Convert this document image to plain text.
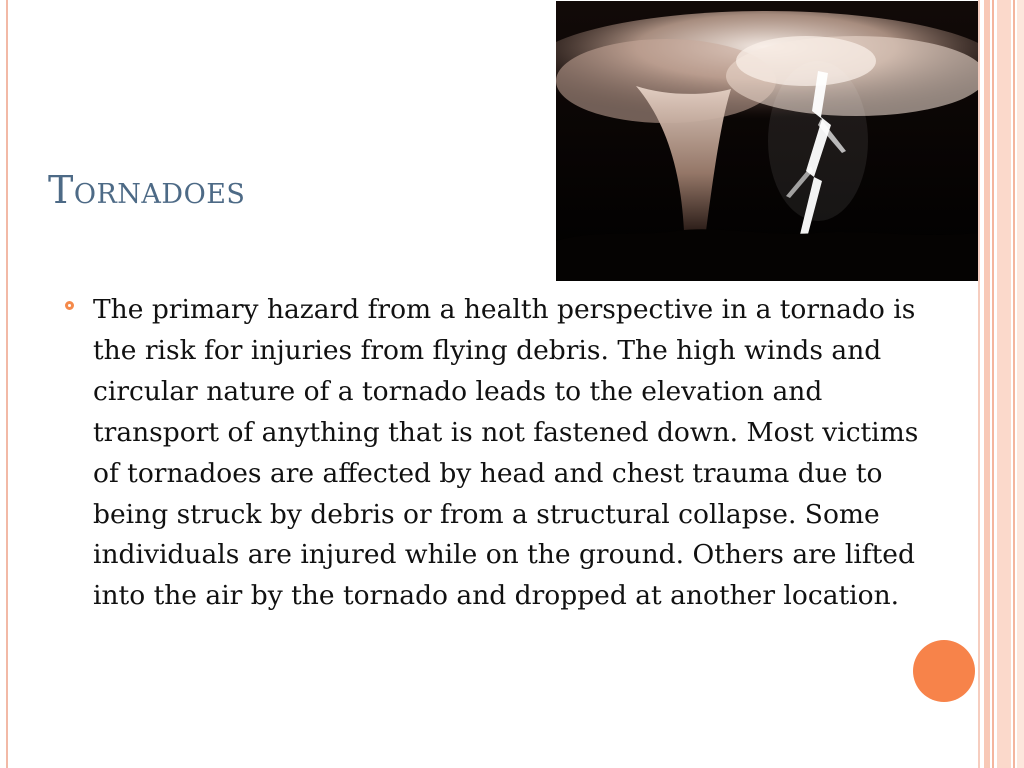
Tornadoes

The primary hazard from a health perspective in a tornado is the risk for injuries from flying debris. The high winds and circular nature of a tornado leads to the elevation and transport of anything that is not fastened down. Most victims of tornadoes are affected by head and chest trauma due to being struck by debris or from a structural collapse. Some individuals are injured while on the ground. Others are lifted into the air by the tornado and dropped at another location.
